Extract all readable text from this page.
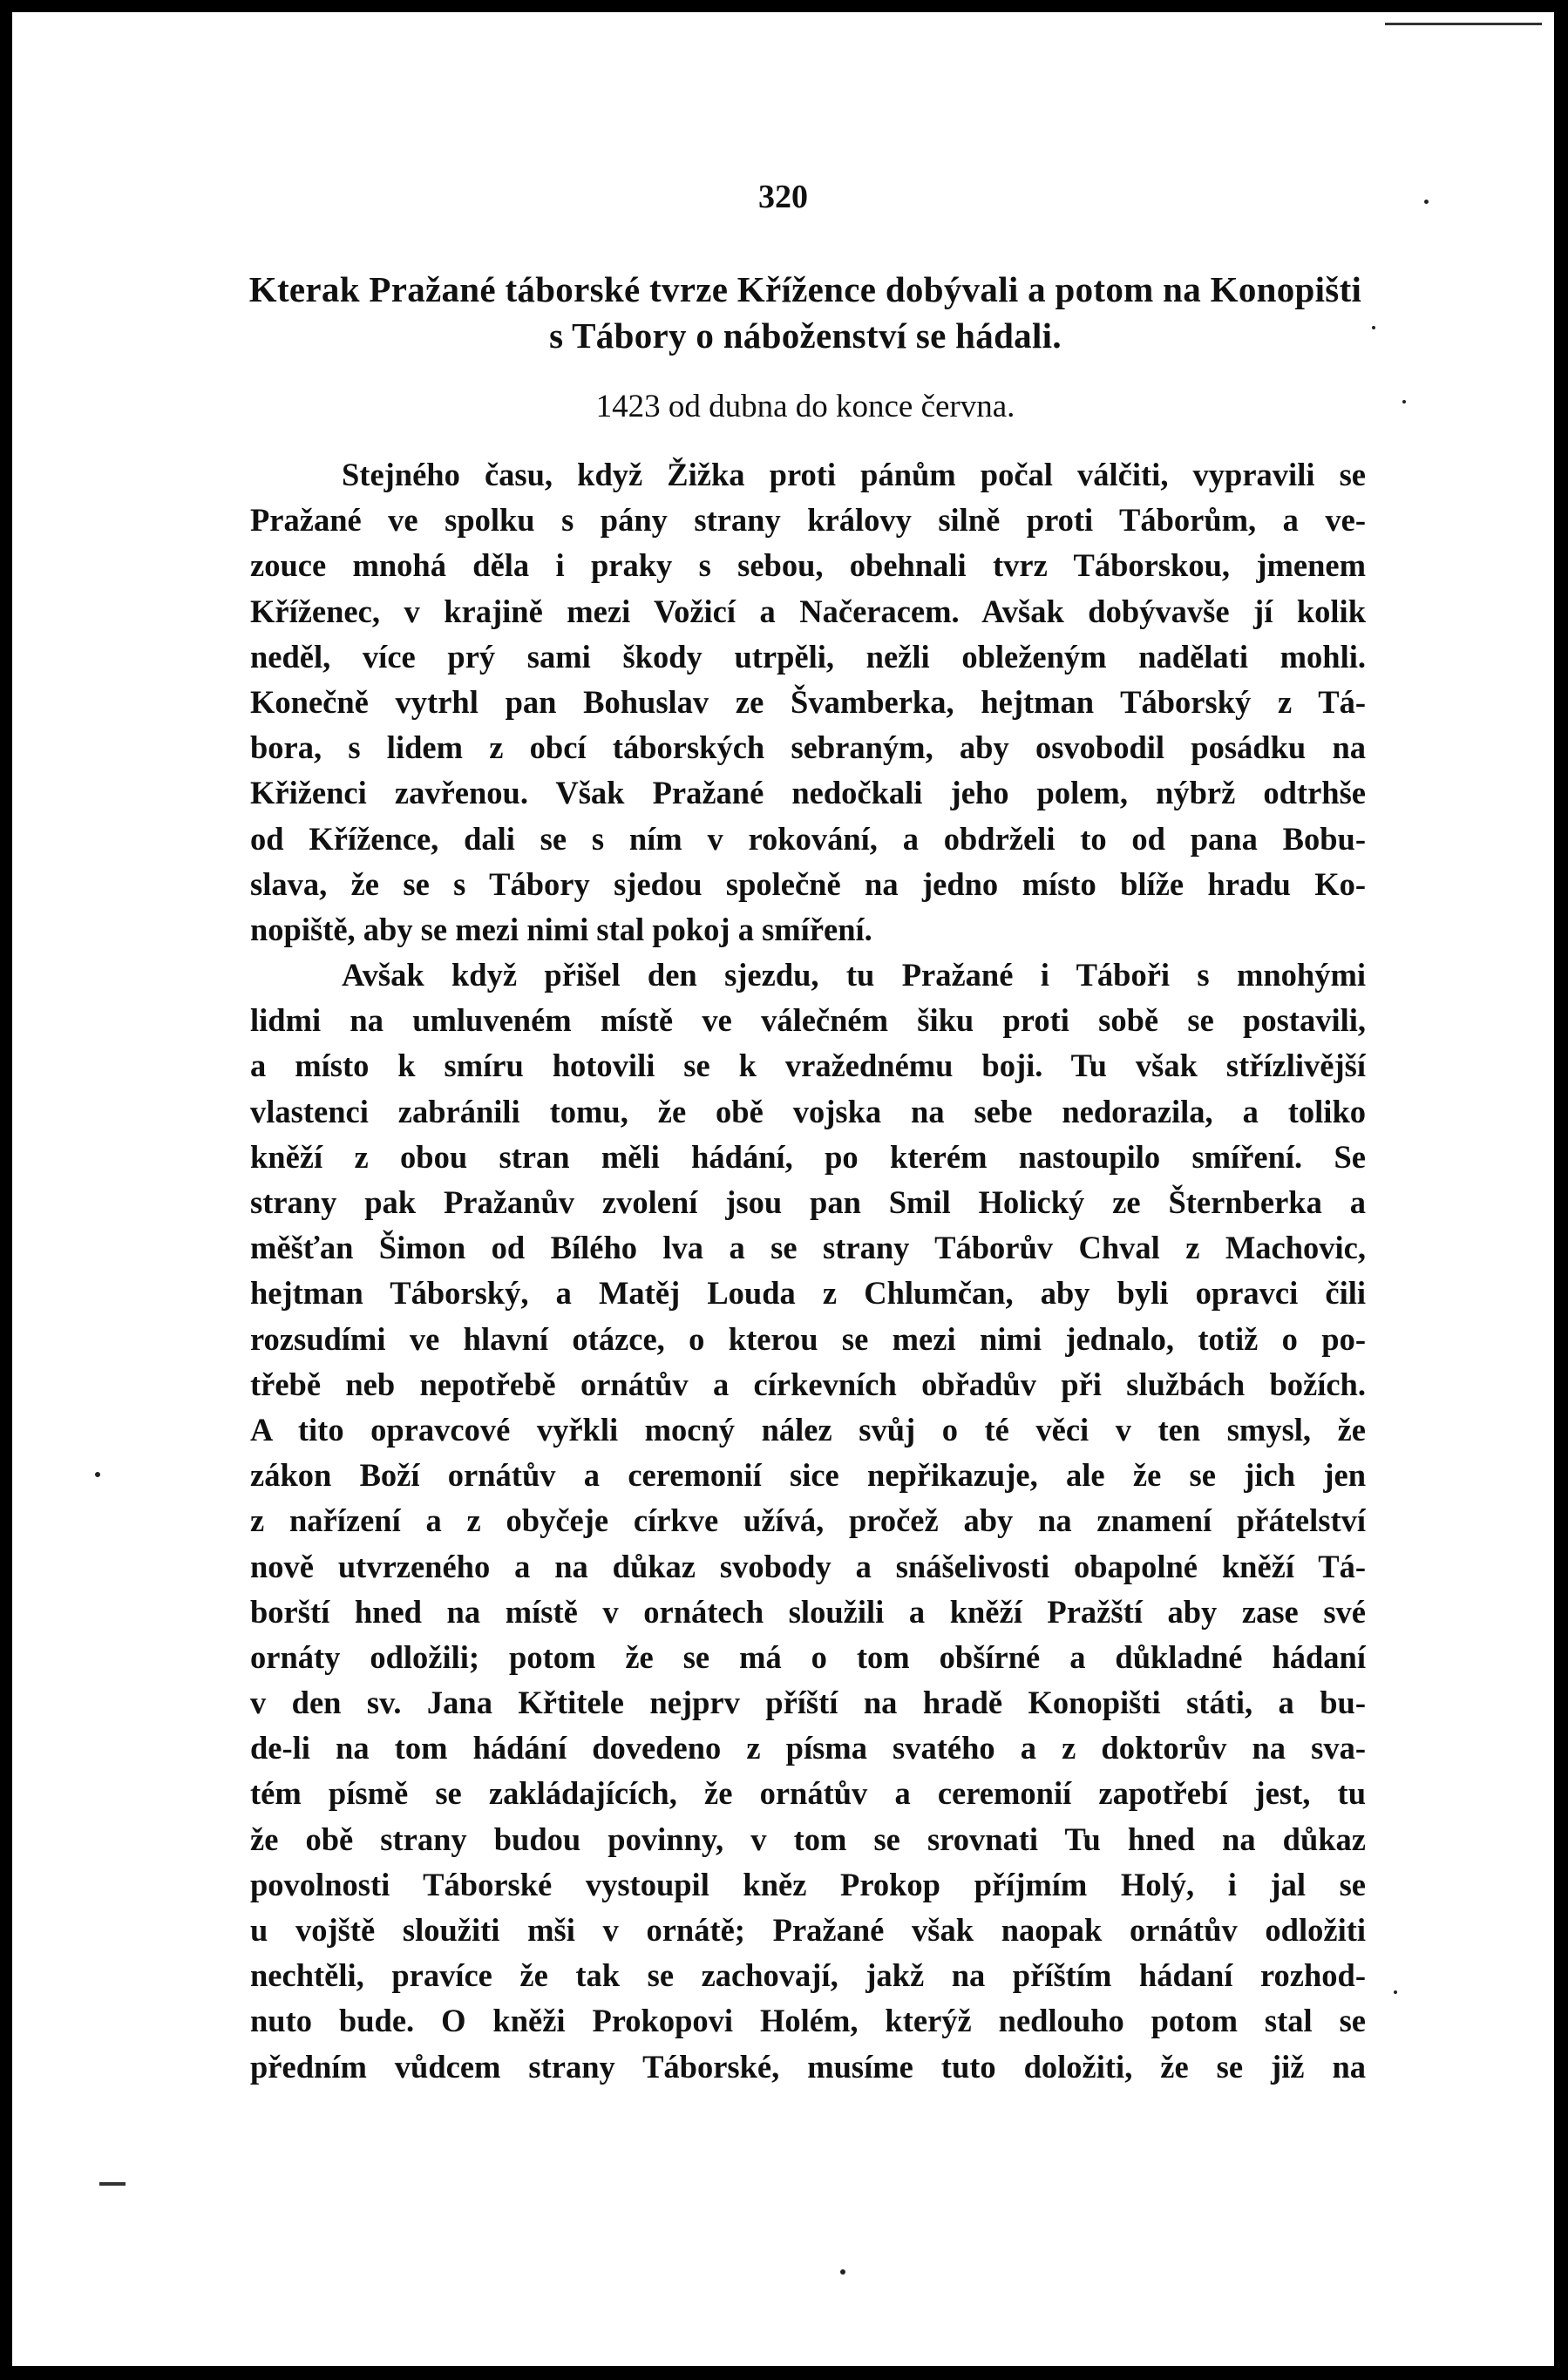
320
Kterak Pražané táborské tvrze Křížence dobývali a potom na Konopišti s Tábory o náboženství se hádali.
1423 od dubna do konce června.
Stejného času, když Žižka proti pánům počal válčiti, vypravili se
Pražané ve spolku s pány strany královy silně proti Táborům, a ve-
zouce mnohá děla i praky s sebou, obehnali tvrz Táborskou, jmenem
Kříženec, v krajině mezi Vožicí a Načeracem. Avšak dobývavše jí kolik
neděl, více prý sami škody utrpěli, nežli obleženým nadělati mohli.
Konečně vytrhl pan Bohuslav ze Švamberka, hejtman Táborský z Tá-
bora, s lidem z obcí táborských sebraným, aby osvobodil posádku na
Křiženci zavřenou. Však Pražané nedočkali jeho polem, nýbrž odtrhše
od Křížence, dali se s ním v rokování, a obdrželi to od pana Bobu-
slava, že se s Tábory sjedou společně na jedno místo blíže hradu Ko-
nopiště, aby se mezi nimi stal pokoj a smíření.
Avšak když přišel den sjezdu, tu Pražané i Táboři s mnohými
lidmi na umluveném místě ve válečném šiku proti sobě se postavili,
a místo k smíru hotovili se k vražednému boji. Tu však střízlivější
vlastenci zabránili tomu, že obě vojska na sebe nedorazila, a toliko
kněží z obou stran měli hádání, po kterém nastoupilo smíření. Se
strany pak Pražanův zvolení jsou pan Smil Holický ze Šternberka a
měšťan Šimon od Bílého lva a se strany Táborův Chval z Machovic,
hejtman Táborský, a Matěj Louda z Chlumčan, aby byli opravci čili
rozsudími ve hlavní otázce, o kterou se mezi nimi jednalo, totiž o po-
třebě neb nepotřebě ornátův a církevních obřadův při službách božích.
A tito opravcové vyřkli mocný nález svůj o té věci v ten smysl, že
zákon Boží ornátův a ceremonií sice nepřikazuje, ale že se jich jen
z nařízení a z obyčeje církve užívá, pročež aby na znamení přátelství
nově utvrzeného a na důkaz svobody a snášelivosti obapolné kněží Tá-
borští hned na místě v ornátech sloužili a kněží Pražští aby zase své
ornáty odložili; potom že se má o tom obšírné a důkladné hádaní
v den sv. Jana Křtitele nejprv příští na hradě Konopišti státi, a bu-
de-li na tom hádání dovedeno z písma svatého a z doktorův na sva-
tém písmě se zakládajících, že ornátův a ceremonií zapotřebí jest, tu
že obě strany budou povinny, v tom se srovnati Tu hned na důkaz
povolnosti Táborské vystoupil kněz Prokop příjmím Holý, i jal se
u vojště sloužiti mši v ornátě; Pražané však naopak ornátův odložiti
nechtěli, pravíce že tak se zachovají, jakž na příštím hádaní rozhod-
nuto bude. O kněži Prokopovi Holém, kterýž nedlouho potom stal se
předním vůdcem strany Táborské, musíme tuto doložiti, že se již na
